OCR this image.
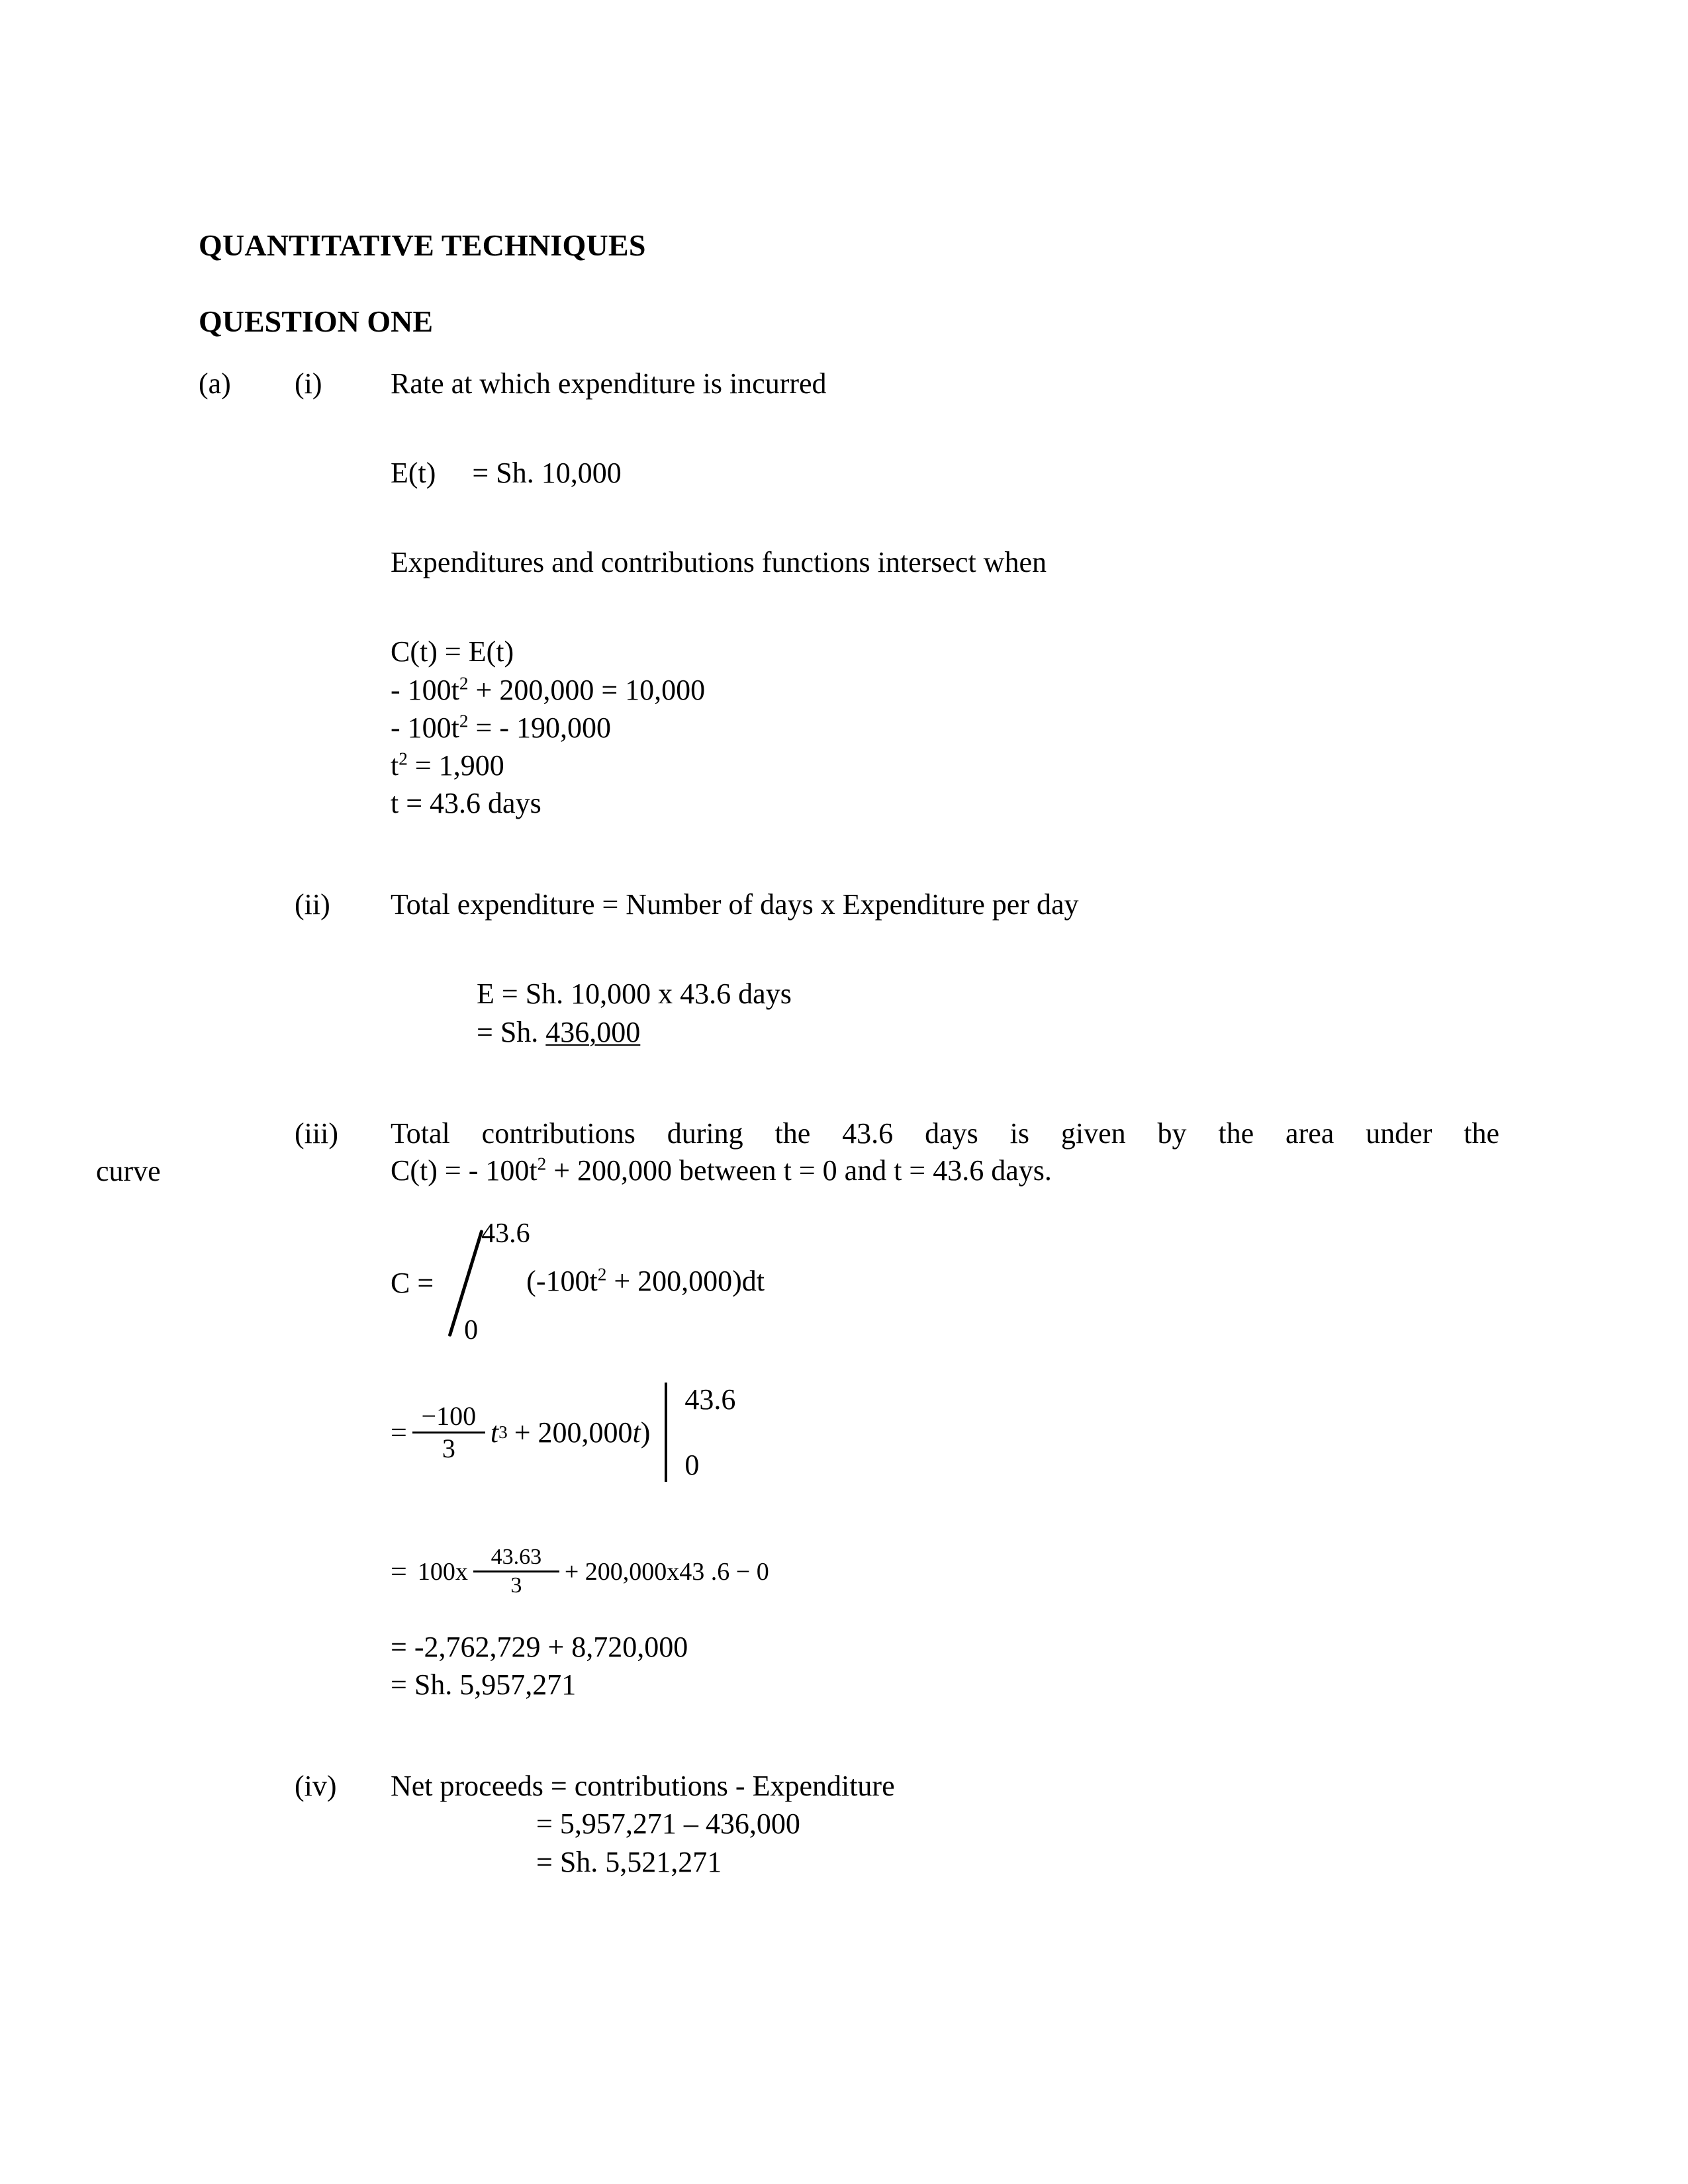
QUANTITATIVE TECHNIQUES
QUESTION ONE
(a)	(i)	Rate at which expenditure is incurred
E(t)     = Sh. 10,000
Expenditures and contributions functions intersect when
C(t) = E(t)
- $100t^2 + 200,000 = 10,000$
- $100t^2$ = - 190,000
$t^2 = 1,900$
t = 43.6 days
(ii)	Total expenditure = Number of days x Expenditure per day
E = Sh. 10,000 x 43.6 days
= Sh. 436,000
(iii)	Total contributions during the 43.6 days is given by the area under the
curve	C(t) = - $100t^2 + 200,000$ between t = 0 and t = 43.6 days.
C =

43.6

0

$(-100t^2 + 200,000)dt$
= $\frac{-100}{3}$ t 3 + 200,000 t )
43.6
0
= $100x \frac{43.63}{3} + 200,000x43$ .6 − 0
= -2,762,729 + 8,720,000
= Sh. 5,957,271
(iv)	Net proceeds = contributions - Expenditure
= 5,957,271 – 436,000
= Sh. 5,521,271
